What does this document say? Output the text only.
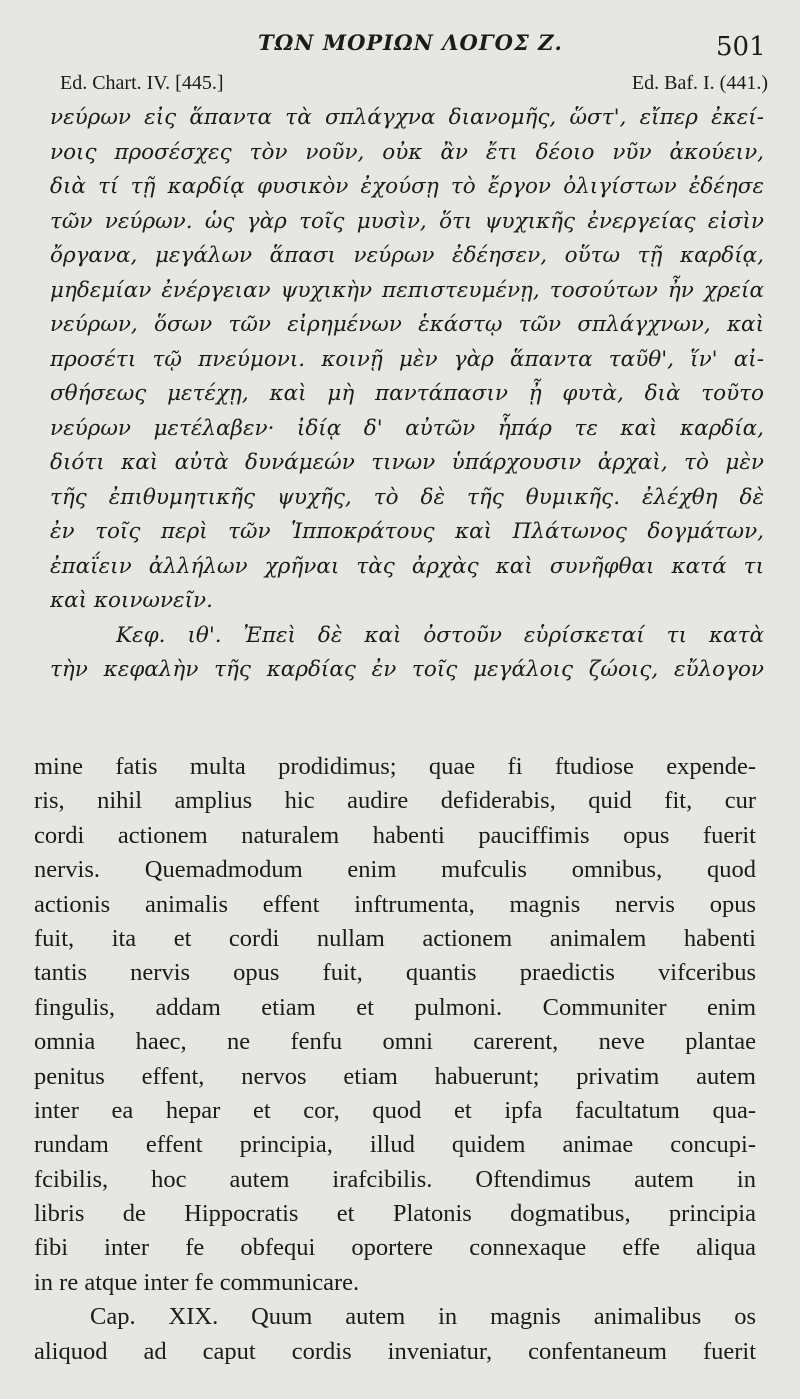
ΤΩΝ ΜΟΡΙΩΝ ΛΟΓΟΣ Ζ.	501
Ed. Chart. IV. [445.]	Ed. Baf. I. (441.)
νεύρων εἰς ἅπαντα τὰ σπλάγχνα διανομῆς, ὥστ', εἴπερ ἐκεί-
νοις προσέσχες τὸν νοῦν, οὐκ ἂν ἔτι δέοιο νῦν ἀκούειν,
διὰ τί τῇ καρδίᾳ φυσικὸν ἐχούσῃ τὸ ἔργον ὀλιγίστων ἐδέησε
τῶν νεύρων. ὡς γὰρ τοῖς μυσὶν, ὅτι ψυχικῆς ἐνεργείας εἰσὶν
ὄργανα, μεγάλων ἅπασι νεύρων ἐδέησεν, οὕτω τῇ καρδίᾳ,
μηδεμίαν ἐνέργειαν ψυχικὴν πεπιστευμένῃ, τοσούτων ἦν χρεία
νεύρων, ὅσων τῶν εἰρημένων ἑκάστῳ τῶν σπλάγχνων, καὶ
προσέτι τῷ πνεύμονι. κοινῇ μὲν γὰρ ἅπαντα ταῦθ', ἵν' αἰ-
σθήσεως μετέχῃ, καὶ μὴ παντάπασιν ᾖ φυτὰ, διὰ τοῦτο
νεύρων μετέλαβεν· ἰδίᾳ δ' αὐτῶν ἧπάρ τε καὶ καρδία,
διότι καὶ αὐτὰ δυνάμεών τινων ὑπάρχουσιν ἀρχαὶ, τὸ μὲν
τῆς ἐπιθυμητικῆς ψυχῆς, τὸ δὲ τῆς θυμικῆς. ἐλέχθη δὲ
ἐν τοῖς περὶ τῶν Ἱπποκράτους καὶ Πλάτωνος δογμάτων,
ἐπαΐειν ἀλλήλων χρῆναι τὰς ἀρχὰς καὶ συνῆφθαι κατά τι
καὶ κοινωνεῖν.
Κεφ. ιθ'. Ἐπεὶ δὲ καὶ ὀστοῦν εὑρίσκεταί τι κατὰ
τὴν κεφαλὴν τῆς καρδίας ἐν τοῖς μεγάλοις ζώοις, εὔλογον
mine fatis multa prodidimus; quae fi ftudiose expende-
ris, nihil amplius hic audire defiderabis, quid fit, cur
cordi actionem naturalem habenti pauciffimis opus fuerit
nervis. Quemadmodum enim mufculis omnibus, quod
actionis animalis effent inftrumenta, magnis nervis opus
fuit, ita et cordi nullam actionem animalem habenti
tantis nervis opus fuit, quantis praedictis vifceribus
fingulis, addam etiam et pulmoni. Communiter enim
omnia haec, ne fenfu omni carerent, neve plantae
penitus effent, nervos etiam habuerunt; privatim autem
inter ea hepar et cor, quod et ipfa facultatum qua-
rundam effent principia, illud quidem animae concupi-
fcibilis, hoc autem irafcibilis. Oftendimus autem in
libris de Hippocratis et Platonis dogmatibus, principia
fibi inter fe obfequi oportere connexaque effe aliqua
in re atque inter fe communicare.
Cap. XIX. Quum autem in magnis animalibus os
aliquod ad caput cordis inveniatur, confentaneum fuerit
